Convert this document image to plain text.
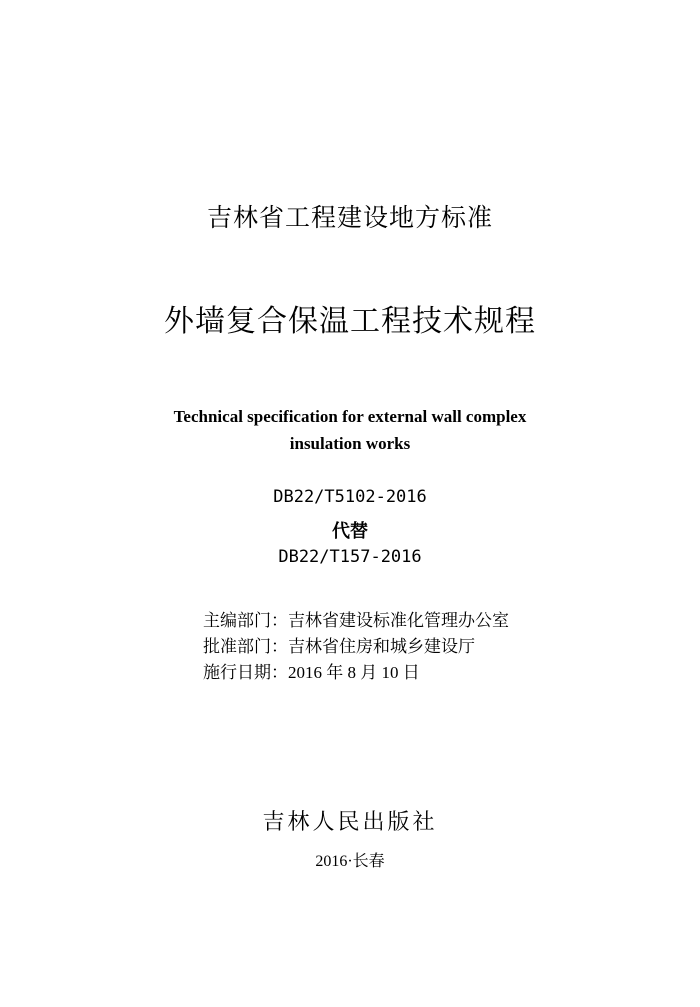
吉林省工程建设地方标准
外墙复合保温工程技术规程
Technical specification for external wall complex
insulation works
DB22/T5102-2016
代替
DB22/T157-2016
主编部门：吉林省建设标准化管理办公室
批准部门：吉林省住房和城乡建设厅
施行日期：2016 年 8 月 10 日
吉林人民出版社
2016·长春
